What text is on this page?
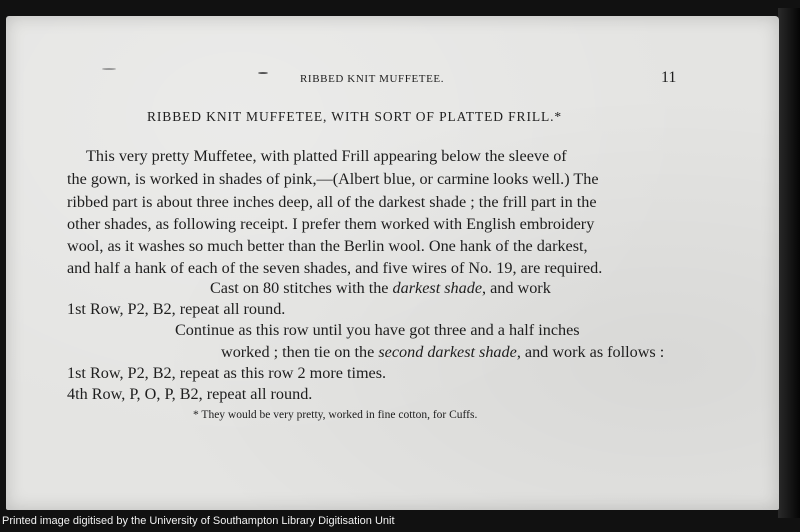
RIBBED KNIT MUFFETEE.	11
RIBBED KNIT MUFFETEE, WITH SORT OF PLATTED FRILL.*
This very pretty Muffetee, with platted Frill appearing below the sleeve of
the gown, is worked in shades of pink,—(Albert blue, or carmine looks well.) The
ribbed part is about three inches deep, all of the darkest shade ; the frill part in the
other shades, as following receipt. I prefer them worked with English embroidery
wool, as it washes so much better than the Berlin wool. One hank of the darkest,
and half a hank of each of the seven shades, and five wires of No. 19, are required.
Cast on 80 stitches with the darkest shade, and work
1st Row, P2, B2, repeat all round.
Continue as this row until you have got three and a half inches
worked ; then tie on the second darkest shade, and work as follows :
1st Row, P2, B2, repeat as this row 2 more times.
4th Row, P, O, P, B2, repeat all round.
* They would be very pretty, worked in fine cotton, for Cuffs.
Printed image digitised by the University of Southampton Library Digitisation Unit
